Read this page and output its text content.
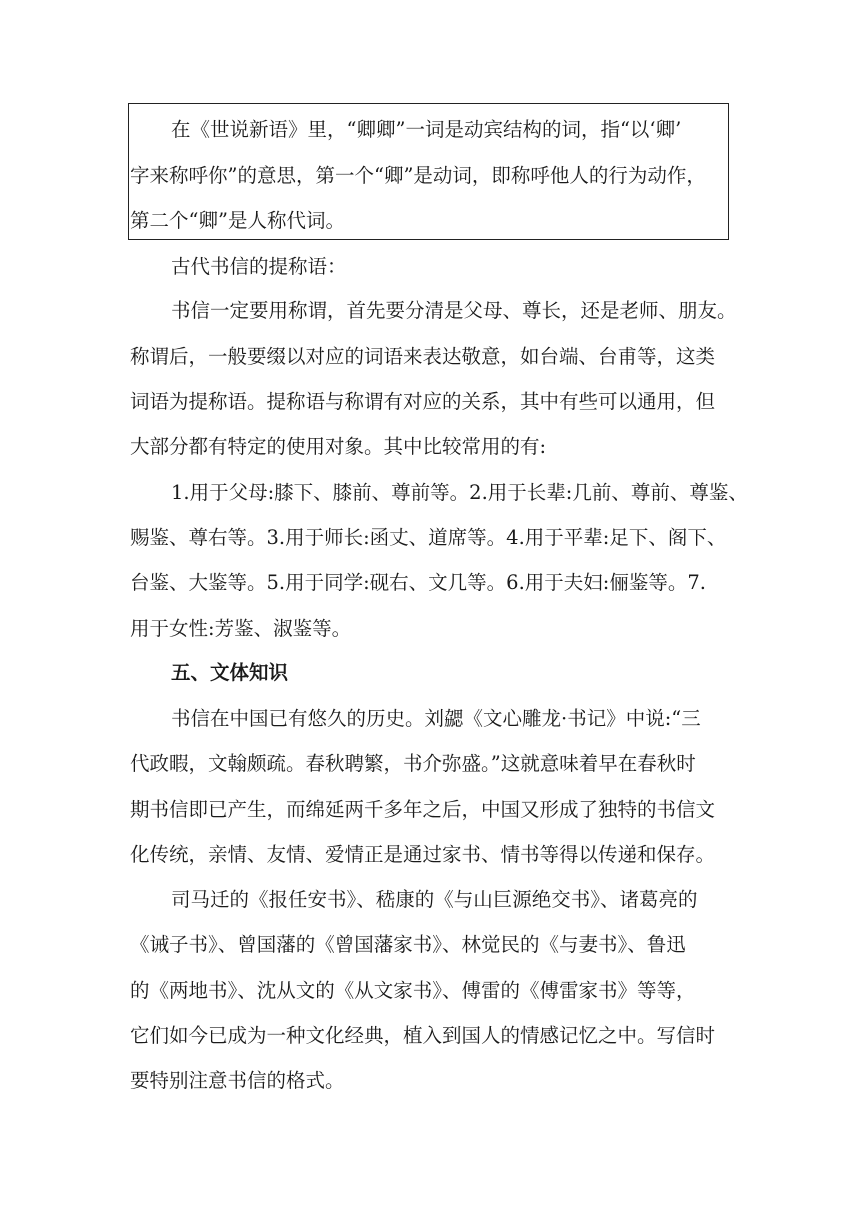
在《世说新语》里，“卿卿”一词是动宾结构的词，指“以‘卿’
字来称呼你”的意思，第一个“卿”是动词，即称呼他人的行为动作，
第二个“卿”是人称代词。
古代书信的提称语：
书信一定要用称谓，首先要分清是父母、尊长，还是老师、朋友。
称谓后，一般要缀以对应的词语来表达敬意，如台端、台甫等，这类
词语为提称语。提称语与称谓有对应的关系，其中有些可以通用，但
大部分都有特定的使用对象。其中比较常用的有:
1.用于父母:膝下、膝前、尊前等。2.用于长辈:几前、尊前、尊鉴、
赐鉴、尊右等。3.用于师长:函丈、道席等。4.用于平辈:足下、阁下、
台鉴、大鉴等。5.用于同学:砚右、文几等。6.用于夫妇:俪鉴等。7.
用于女性:芳鉴、淑鉴等。
五、文体知识
书信在中国已有悠久的历史。刘勰《文心雕龙·书记》中说:“三
代政暇，文翰颇疏。春秋聘繁，书介弥盛。”这就意味着早在春秋时
期书信即已产生，而绵延两千多年之后，中国又形成了独特的书信文
化传统，亲情、友情、爱情正是通过家书、情书等得以传递和保存。
司马迁的《报任安书》、嵇康的《与山巨源绝交书》、诸葛亮的
《诫子书》、曾国藩的《曾国藩家书》、林觉民的《与妻书》、鲁迅
的《两地书》、沈从文的《从文家书》、傅雷的《傅雷家书》等等，
它们如今已成为一种文化经典，植入到国人的情感记忆之中。写信时
要特别注意书信的格式。
